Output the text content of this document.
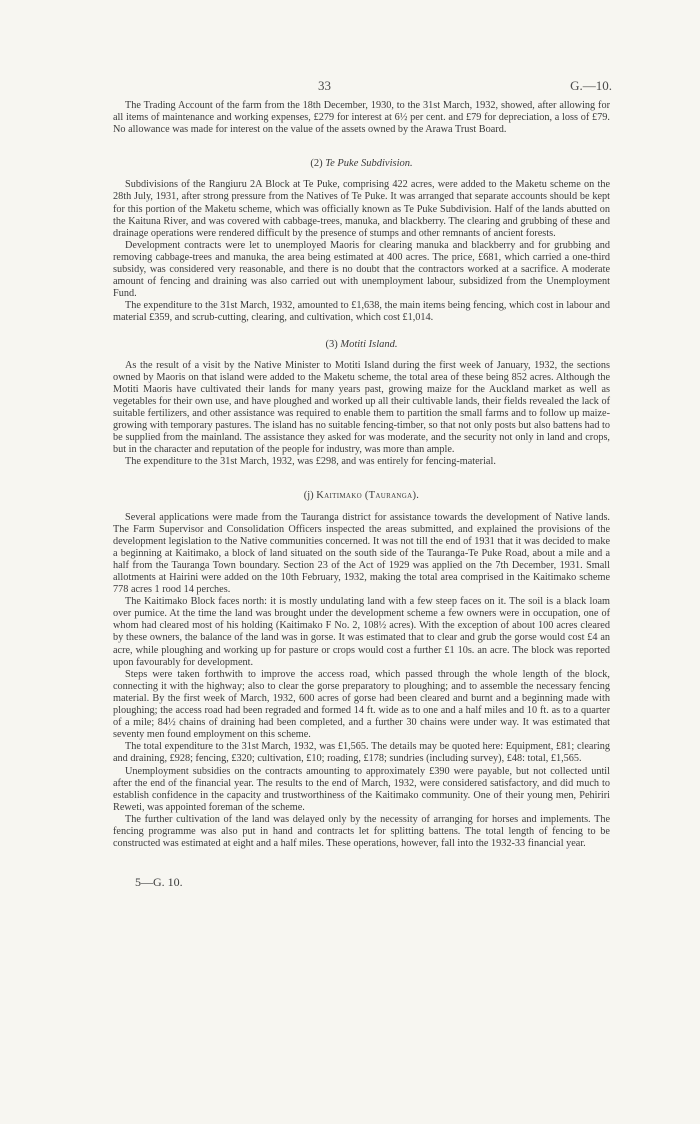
33	G.—10.

The Trading Account of the farm from the 18th December, 1930, to the 31st March, 1932, showed, after allowing for all items of maintenance and working expenses, £279 for interest at 6½ per cent. and £79 for depreciation, a loss of £79. No allowance was made for interest on the value of the assets owned by the Arawa Trust Board.

(2) Te Puke Subdivision.

Subdivisions of the Rangiuru 2A Block at Te Puke, comprising 422 acres, were added to the Maketu scheme on the 28th July, 1931, after strong pressure from the Natives of Te Puke. It was arranged that separate accounts should be kept for this portion of the Maketu scheme, which was officially known as Te Puke Subdivision. Half of the lands abutted on the Kaituna River, and was covered with cabbage-trees, manuka, and blackberry. The clearing and grubbing of these and drainage operations were rendered difficult by the presence of stumps and other remnants of ancient forests.

Development contracts were let to unemployed Maoris for clearing manuka and blackberry and for grubbing and removing cabbage-trees and manuka, the area being estimated at 400 acres. The price, £681, which carried a one-third subsidy, was considered very reasonable, and there is no doubt that the contractors worked at a sacrifice. A moderate amount of fencing and draining was also carried out with unemployment labour, subsidized from the Unemployment Fund.

The expenditure to the 31st March, 1932, amounted to £1,638, the main items being fencing, which cost in labour and material £359, and scrub-cutting, clearing, and cultivation, which cost £1,014.

(3) Motiti Island.

As the result of a visit by the Native Minister to Motiti Island during the first week of January, 1932, the sections owned by Maoris on that island were added to the Maketu scheme, the total area of these being 852 acres. Although the Motiti Maoris have cultivated their lands for many years past, growing maize for the Auckland market as well as vegetables for their own use, and have ploughed and worked up all their cultivable lands, their fields revealed the lack of suitable fertilizers, and other assistance was required to enable them to partition the small farms and to follow up maize-growing with temporary pastures. The island has no suitable fencing-timber, so that not only posts but also battens had to be supplied from the mainland. The assistance they asked for was moderate, and the security not only in land and crops, but in the character and reputation of the people for industry, was more than ample.

The expenditure to the 31st March, 1932, was £298, and was entirely for fencing-material.

(j) Kaitimako (Tauranga).

Several applications were made from the Tauranga district for assistance towards the development of Native lands. The Farm Supervisor and Consolidation Officers inspected the areas submitted, and explained the provisions of the development legislation to the Native communities concerned. It was not till the end of 1931 that it was decided to make a beginning at Kaitimako, a block of land situated on the south side of the Tauranga-Te Puke Road, about a mile and a half from the Tauranga Town boundary. Section 23 of the Act of 1929 was applied on the 7th December, 1931. Small allotments at Hairini were added on the 10th February, 1932, making the total area comprised in the Kaitimako scheme 778 acres 1 rood 14 perches.

The Kaitimako Block faces north: it is mostly undulating land with a few steep faces on it. The soil is a black loam over pumice. At the time the land was brought under the development scheme a few owners were in occupation, one of whom had cleared most of his holding (Kaitimako F No. 2, 108½ acres). With the exception of about 100 acres cleared by these owners, the balance of the land was in gorse. It was estimated that to clear and grub the gorse would cost £4 an acre, while ploughing and working up for pasture or crops would cost a further £1 10s. an acre. The block was reported upon favourably for development.

Steps were taken forthwith to improve the access road, which passed through the whole length of the block, connecting it with the highway; also to clear the gorse preparatory to ploughing; and to assemble the necessary fencing material. By the first week of March, 1932, 600 acres of gorse had been cleared and burnt and a beginning made with ploughing; the access road had been regraded and formed 14 ft. wide as to one and a half miles and 10 ft. as to a quarter of a mile; 84½ chains of draining had been completed, and a further 30 chains were under way. It was estimated that seventy men found employment on this scheme.

The total expenditure to the 31st March, 1932, was £1,565. The details may be quoted here: Equipment, £81; clearing and draining, £928; fencing, £320; cultivation, £10; roading, £178; sundries (including survey), £48: total, £1,565.

Unemployment subsidies on the contracts amounting to approximately £390 were payable, but not collected until after the end of the financial year. The results to the end of March, 1932, were considered satisfactory, and did much to establish confidence in the capacity and trustworthiness of the Kaitimako community. One of their young men, Pehiriri Reweti, was appointed foreman of the scheme.

The further cultivation of the land was delayed only by the necessity of arranging for horses and implements. The fencing programme was also put in hand and contracts let for splitting battens. The total length of fencing to be constructed was estimated at eight and a half miles. These operations, however, fall into the 1932-33 financial year.

5—G. 10.
